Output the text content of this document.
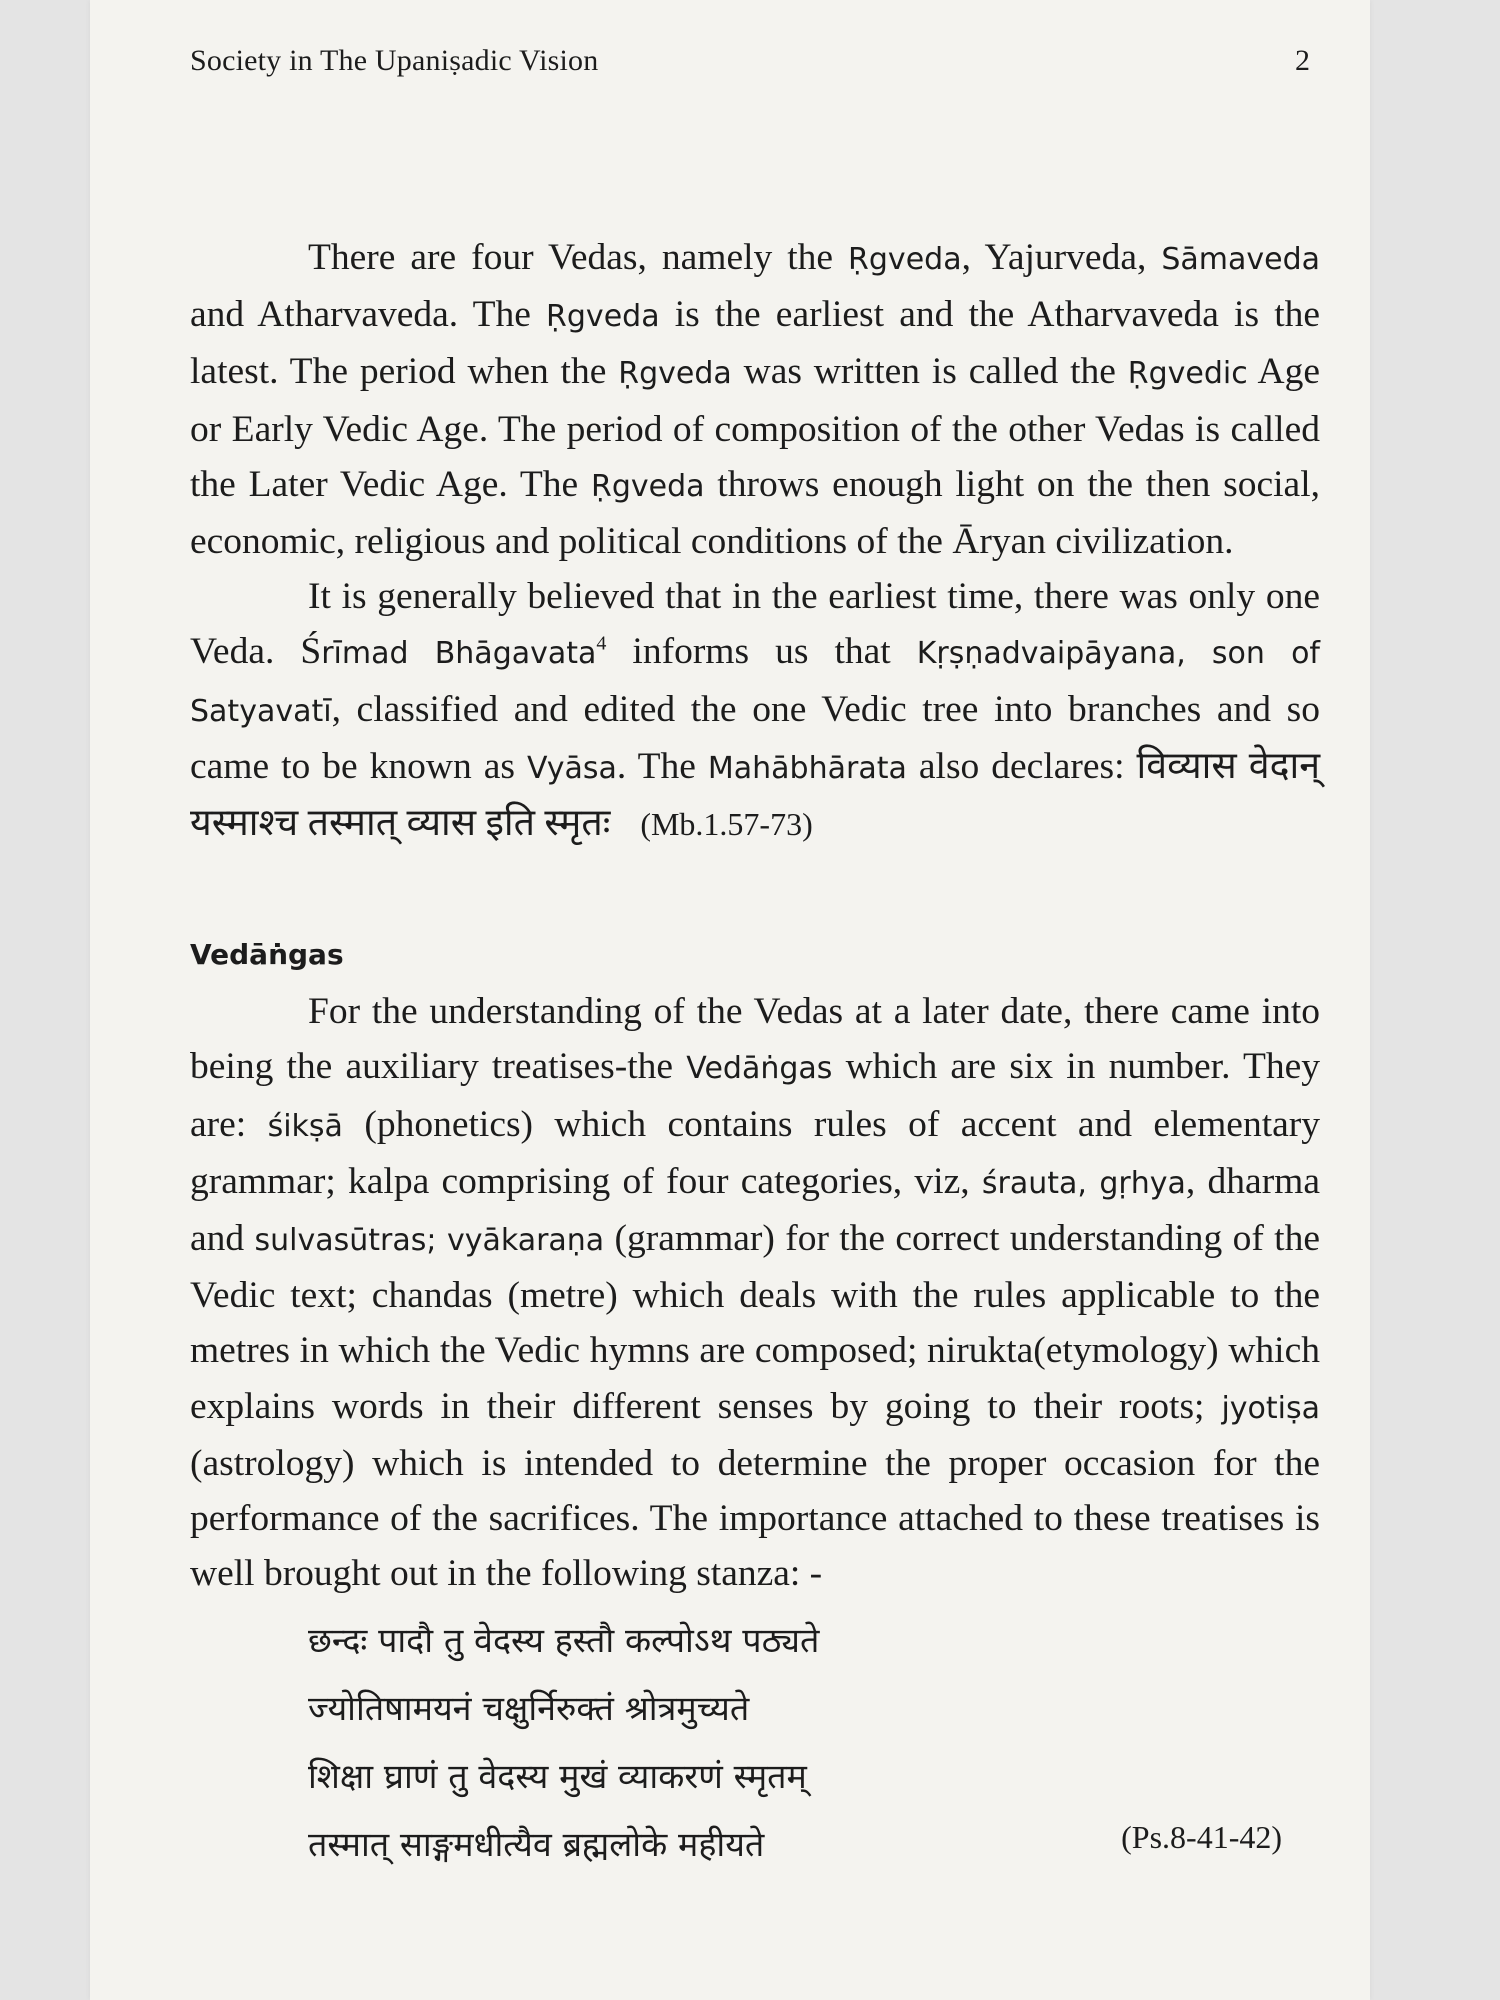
Society in The Upaniṣadic Vision	2

There are four Vedas, namely the Ṛgveda, Yajurveda, Sāmaveda and Atharvaveda. The Ṛgveda is the earliest and the Atharvaveda is the latest. The period when the Ṛgveda was written is called the Ṛgvedic Age or Early Vedic Age. The period of composition of the other Vedas is called the Later Vedic Age. The Ṛgveda throws enough light on the then social, economic, religious and political conditions of the Āryan civilization.

It is generally believed that in the earliest time, there was only one Veda. Śrīmad Bhāgavata$^4$ informs us that Kṛṣṇadvaipāyana, son of Satyavatī, classified and edited the one Vedic tree into branches and so came to be known as Vyāsa. The Mahābhārata also declares: विव्यास वेदान् यस्माश्च तस्मात् व्यास इति स्मृतः (Mb.1.57-73)

Vedāṅgas

For the understanding of the Vedas at a later date, there came into being the auxiliary treatises-the Vedāṅgas which are six in number. They are: śikṣā (phonetics) which contains rules of accent and elementary grammar; kalpa comprising of four categories, viz, śrauta, gṛhya, dharma and sulvasūtras; vyākaraṇa (grammar) for the correct understanding of the Vedic text; chandas (metre) which deals with the rules applicable to the metres in which the Vedic hymns are composed; nirukta(etymology) which explains words in their different senses by going to their roots; jyotiṣa (astrology) which is intended to determine the proper occasion for the performance of the sacrifices. The importance attached to these treatises is well brought out in the following stanza: -

छन्दः पादौ तु वेदस्य हस्तौ कल्पोऽथ पठ्यते
ज्योतिषामयनं चक्षुर्निरुक्तं श्रोत्रमुच्यते
शिक्षा घ्राणं तु वेदस्य मुखं व्याकरणं स्मृतम्
तस्मात् साङ्गमधीत्यैव ब्रह्मलोके महीयते	(Ps.8-41-42)
